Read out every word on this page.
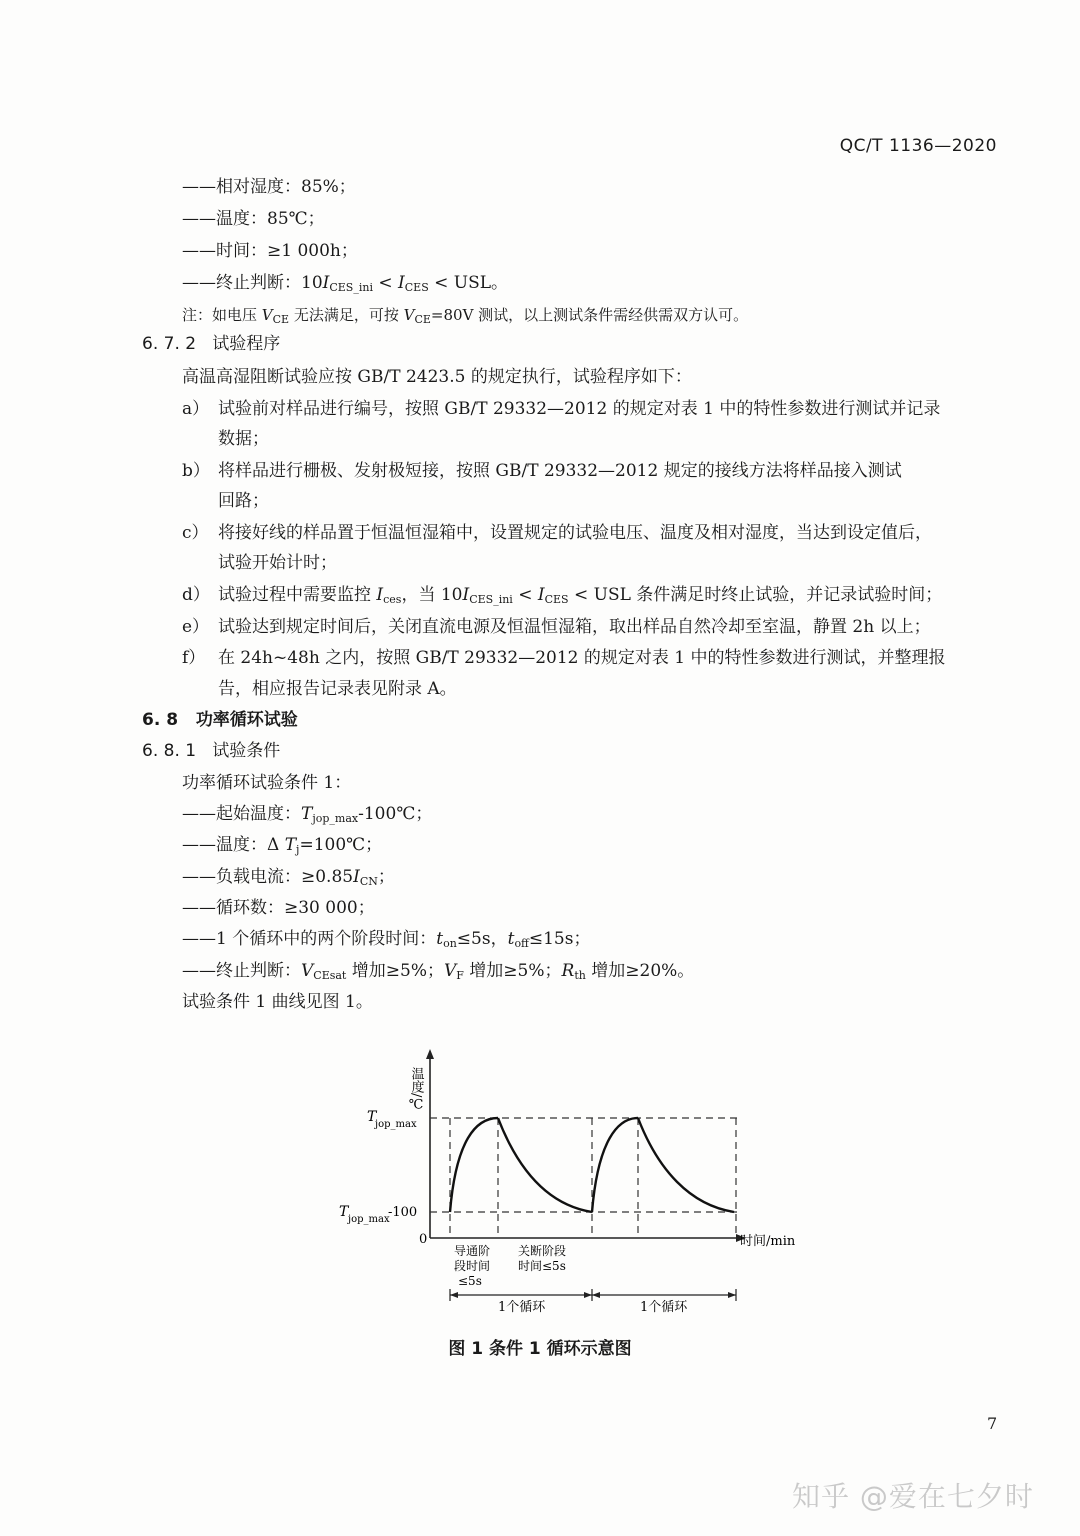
QC/T 1136—2020
——相对湿度：85%；
——温度：85℃；
——时间：≥1 000h；
——终止判断：$10I_{CES\_ini} < I_{CES}$ < USL。
注：如电压 $V_{CE}$ 无法满足，可按 $V_{CE}=80V$ 测试，以上测试条件需经供需双方认可。
6. 7. 2 试验程序
高温高湿阻断试验应按 GB/T 2423.5 的规定执行，试验程序如下：
a） 试验前对样品进行编号，按照 GB/T 29332—2012 的规定对表 1 中的特性参数进行测试并记录
数据；
b） 将样品进行栅极、发射极短接，按照 GB/T 29332—2012 规定的接线方法将样品接入测试
回路；
c） 将接好线的样品置于恒温恒湿箱中，设置规定的试验电压、温度及相对湿度，当达到设定值后，
试验开始计时；
d） 试验过程中需要监控 $I_{ces}$，当 $10I_{CES\_ini} < I_{CES}$ < USL 条件满足时终止试验，并记录试验时间；
e） 试验达到规定时间后，关闭直流电源及恒温恒湿箱，取出样品自然冷却至室温，静置 2h 以上；
f） 在 24h~48h 之内，按照 GB/T 29332—2012 的规定对表 1 中的特性参数进行测试，并整理报
告，相应报告记录表见附录 A。
6. 8 功率循环试验
6. 8. 1 试验条件
功率循环试验条件 1：
——起始温度：$T_{jop\_max}-100℃$；
——温度：Δ $T_j=100℃$；
——负载电流：$\ge 0.85I_{CN}$；
——循环数：≥30 000；
——1 个循环中的两个阶段时间：$t_{on}\le 5s$，$t_{off}\le 15s$；
——终止判断：$V_{CEsat}$ 增加≥5%；$V_F$ 增加≥5%；$R_{th}$ 增加≥20%。
试验条件 1 曲线见图 1。
温度/℃
时间/min
T
jop_max
T jop_max
-100
0
导通阶
段时间
≤5s
关断阶段
时间≤5s
1个循环	1个循环
图 1 条件 1 循环示意图
7
知乎 @爱在七夕时
